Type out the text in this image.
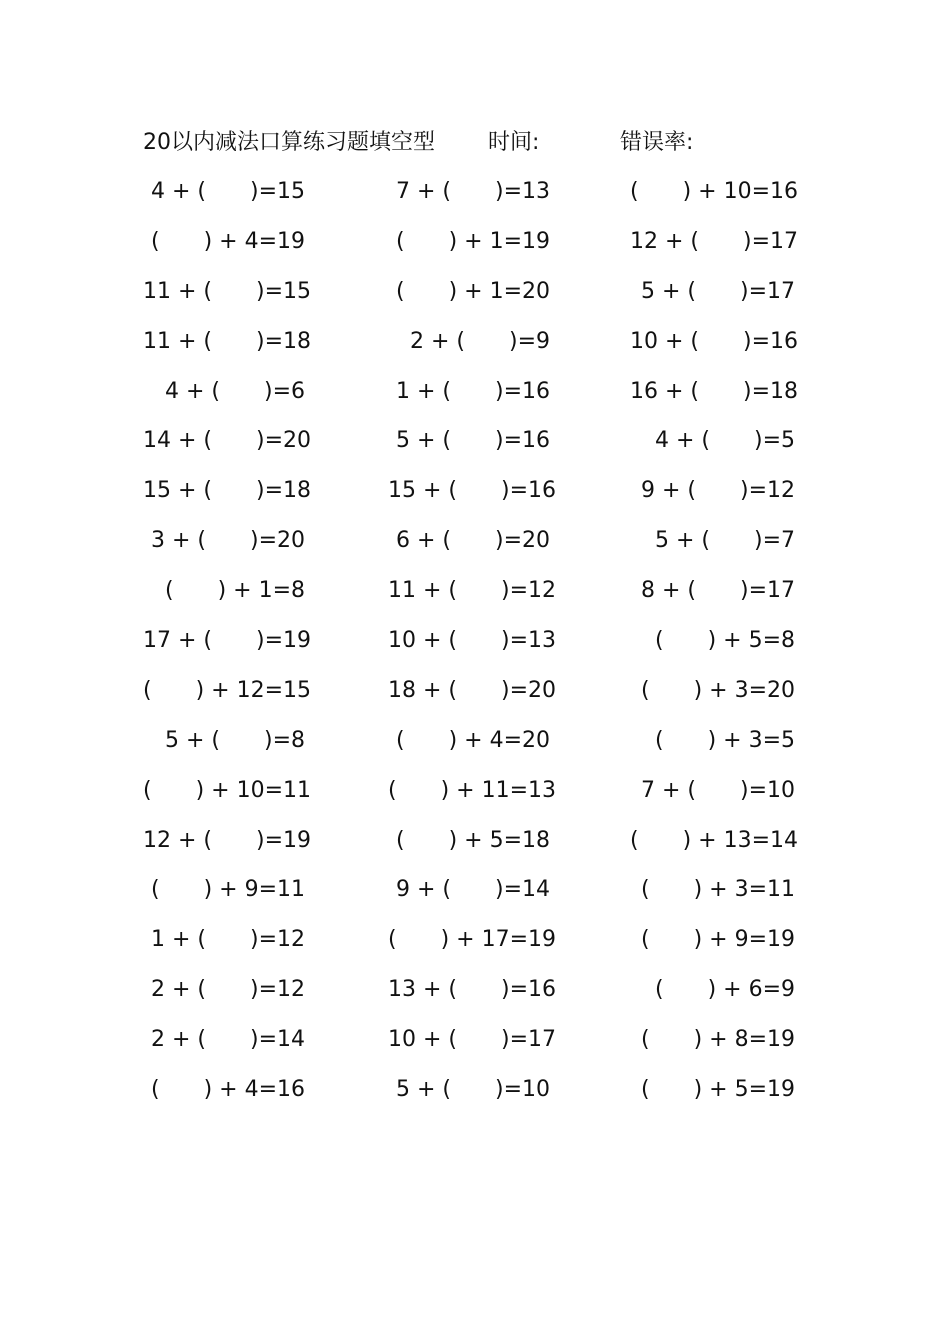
20以内减法口算练习题填空型 时间:	错误率:
4 + (　　)=15	7 + (　　)=13	(　　) + 10=16
(　　) + 4=19	(　　) + 1=19	12 + (　　)=17
11 + (　　)=15	(　　) + 1=20	5 + (　　)=17
11 + (　　)=18	2 + (　　)=9	10 + (　　)=16
4 + (　　)=6	1 + (　　)=16	16 + (　　)=18
14 + (　　)=20	5 + (　　)=16	4 + (　　)=5
15 + (　　)=18	15 + (　　)=16	9 + (　　)=12
3 + (　　)=20	6 + (　　)=20	5 + (　　)=7
(　　) + 1=8	11 + (　　)=12	8 + (　　)=17
17 + (　　)=19	10 + (　　)=13	(　　) + 5=8
(　　) + 12=15	18 + (　　)=20	(　　) + 3=20
5 + (　　)=8	(　　) + 4=20	(　　) + 3=5
(　　) + 10=11	(　　) + 11=13	7 + (　　)=10
12 + (　　)=19	(　　) + 5=18	(　　) + 13=14
(　　) + 9=11	9 + (　　)=14	(　　) + 3=11
1 + (　　)=12	(　　) + 17=19	(　　) + 9=19
2 + (　　)=12	13 + (　　)=16	(　　) + 6=9
2 + (　　)=14	10 + (　　)=17	(　　) + 8=19
(　　) + 4=16	5 + (　　)=10	(　　) + 5=19
